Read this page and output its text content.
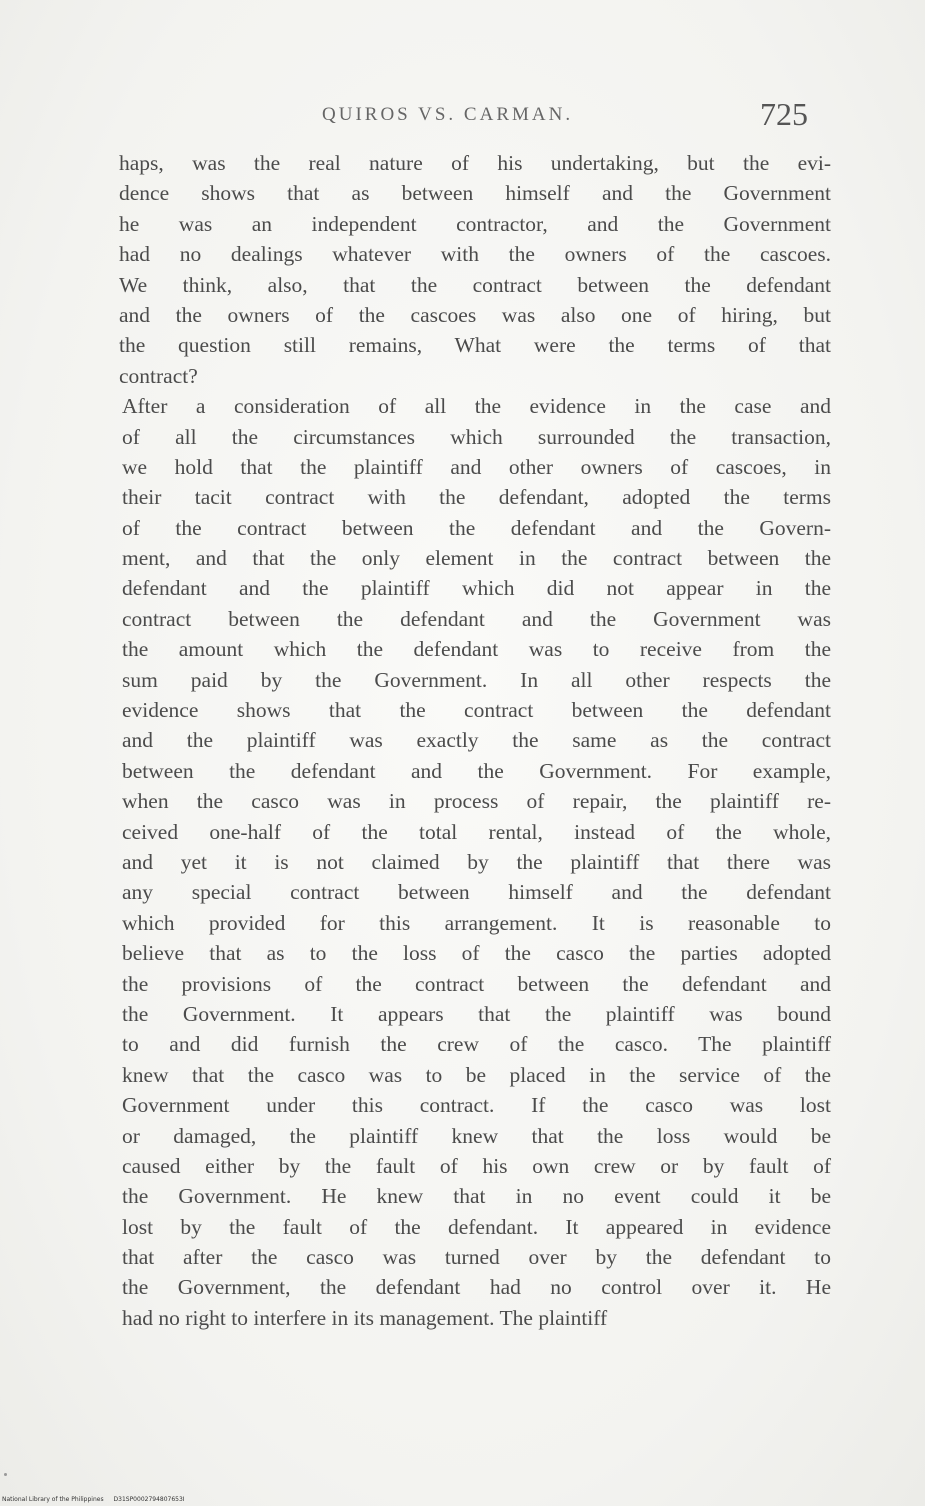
QUIROS VS. CARMAN.	725
haps, was the real nature of his undertaking, but the evi-
dence shows that as between himself and the Government
he was an independent contractor, and the Government
had no dealings whatever with the owners of the cascoes.
We think, also, that the contract between the defendant
and the owners of the cascoes was also one of hiring, but
the question still remains, What were the terms of that
contract?
After a consideration of all the evidence in the case and
of all the circumstances which surrounded the transaction,
we hold that the plaintiff and other owners of cascoes, in
their tacit contract with the defendant, adopted the terms
of the contract between the defendant and the Govern-
ment, and that the only element in the contract between the
defendant and the plaintiff which did not appear in the
contract between the defendant and the Government was
the amount which the defendant was to receive from the
sum paid by the Government. In all other respects the
evidence shows that the contract between the defendant
and the plaintiff was exactly the same as the contract
between the defendant and the Government. For example,
when the casco was in process of repair, the plaintiff re-
ceived one-half of the total rental, instead of the whole,
and yet it is not claimed by the plaintiff that there was
any special contract between himself and the defendant
which provided for this arrangement. It is reasonable to
believe that as to the loss of the casco the parties adopted
the provisions of the contract between the defendant and
the Government. It appears that the plaintiff was bound
to and did furnish the crew of the casco. The plaintiff
knew that the casco was to be placed in the service of the
Government under this contract. If the casco was lost
or damaged, the plaintiff knew that the loss would be
caused either by the fault of his own crew or by fault of
the Government. He knew that in no event could it be
lost by the fault of the defendant. It appeared in evidence
that after the casco was turned over by the defendant to
the Government, the defendant had no control over it. He
had no right to interfere in its management. The plaintiff
National Library of the Philippines D31SP0002794807653I
